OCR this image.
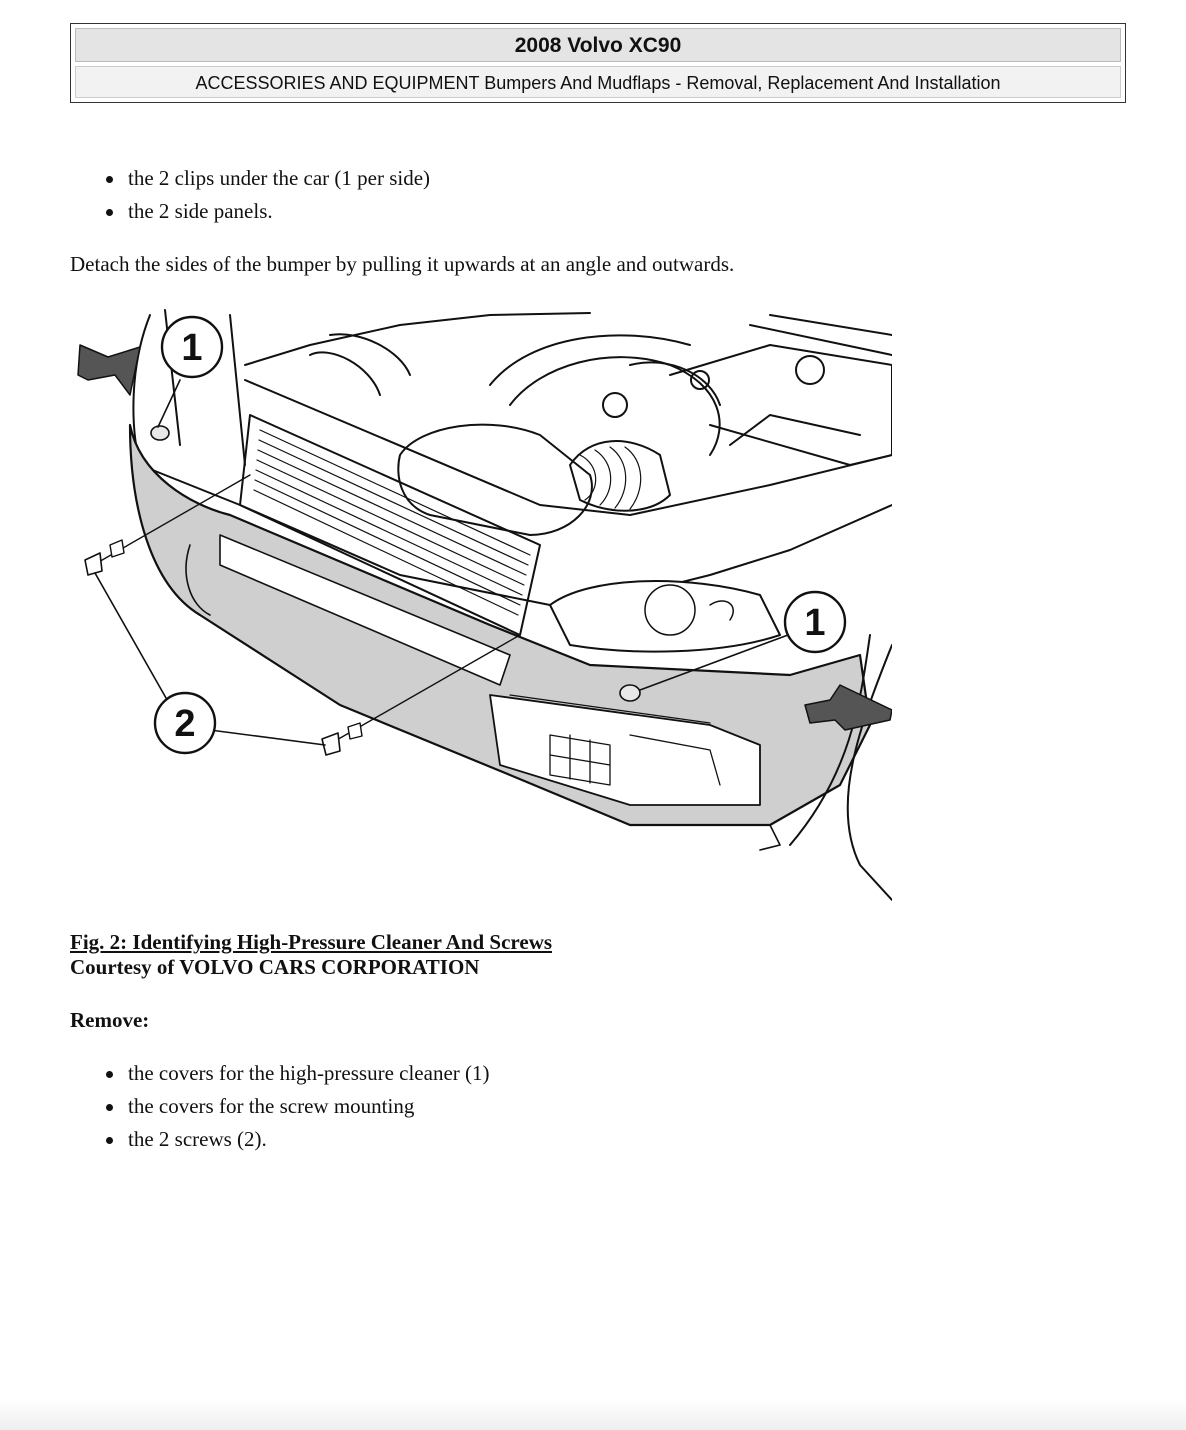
2008 Volvo XC90
ACCESSORIES AND EQUIPMENT Bumpers And Mudflaps - Removal, Replacement And Installation
the 2 clips under the car (1 per side)
the 2 side panels.

Detach the sides of the bumper by pulling it upwards at an angle and outwards.

1
1
2
Fig. 2: Identifying High-Pressure Cleaner And Screws
Courtesy of VOLVO CARS CORPORATION
Remove:
the covers for the high-pressure cleaner (1)
the covers for the screw mounting
the 2 screws (2).
